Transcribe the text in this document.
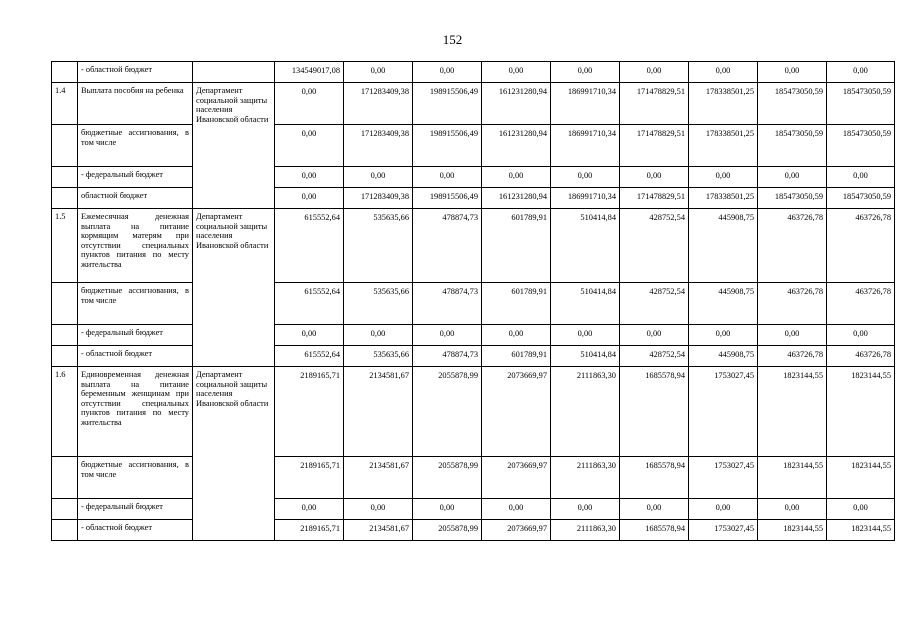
152
	- областной бюджет		134549017,08	0,00	0,00	0,00	0,00	0,00	0,00	0,00	0,00
1.4	Выплата пособия на ребенка	Департамент социальной защиты населения Ивановской области	0,00	171283409,38	198915506,49	161231280,94	186991710,34	171478829,51	178338501,25	185473050,59	185473050,59
	бюджетные ассигнования, в том числе		0,00	171283409,38	198915506,49	161231280,94	186991710,34	171478829,51	178338501,25	185473050,59	185473050,59
	- федеральный бюджет		0,00	0,00	0,00	0,00	0,00	0,00	0,00	0,00	0,00
	областной бюджет		0,00	171283409,38	198915506,49	161231280,94	186991710,34	171478829,51	178338501,25	185473050,59	185473050,59
1.5	Ежемесячная денежная выплата на питание кормящим матерям при отсутствии специальных пунктов питания по месту жительства	Департамент социальной защиты населения Ивановской области	615552,64	535635,66	478874,73	601789,91	510414,84	428752,54	445908,75	463726,78	463726,78
	бюджетные ассигнования, в том числе		615552,64	535635,66	478874,73	601789,91	510414,84	428752,54	445908,75	463726,78	463726,78
	- федеральный бюджет		0,00	0,00	0,00	0,00	0,00	0,00	0,00	0,00	0,00
	- областной бюджет		615552,64	535635,66	478874,73	601789,91	510414,84	428752,54	445908,75	463726,78	463726,78
1.6	Единовременная денежная выплата на питание беременным женщинам при отсутствии специальных пунктов питания по месту жительства	Департамент социальной защиты населения Ивановской области	2189165,71	2134581,67	2055878,99	2073669,97	2111863,30	1685578,94	1753027,45	1823144,55	1823144,55
	бюджетные ассигнования, в том числе		2189165,71	2134581,67	2055878,99	2073669,97	2111863,30	1685578,94	1753027,45	1823144,55	1823144,55
	- федеральный бюджет		0,00	0,00	0,00	0,00	0,00	0,00	0,00	0,00	0,00
	- областной бюджет		2189165,71	2134581,67	2055878,99	2073669,97	2111863,30	1685578,94	1753027,45	1823144,55	1823144,55
